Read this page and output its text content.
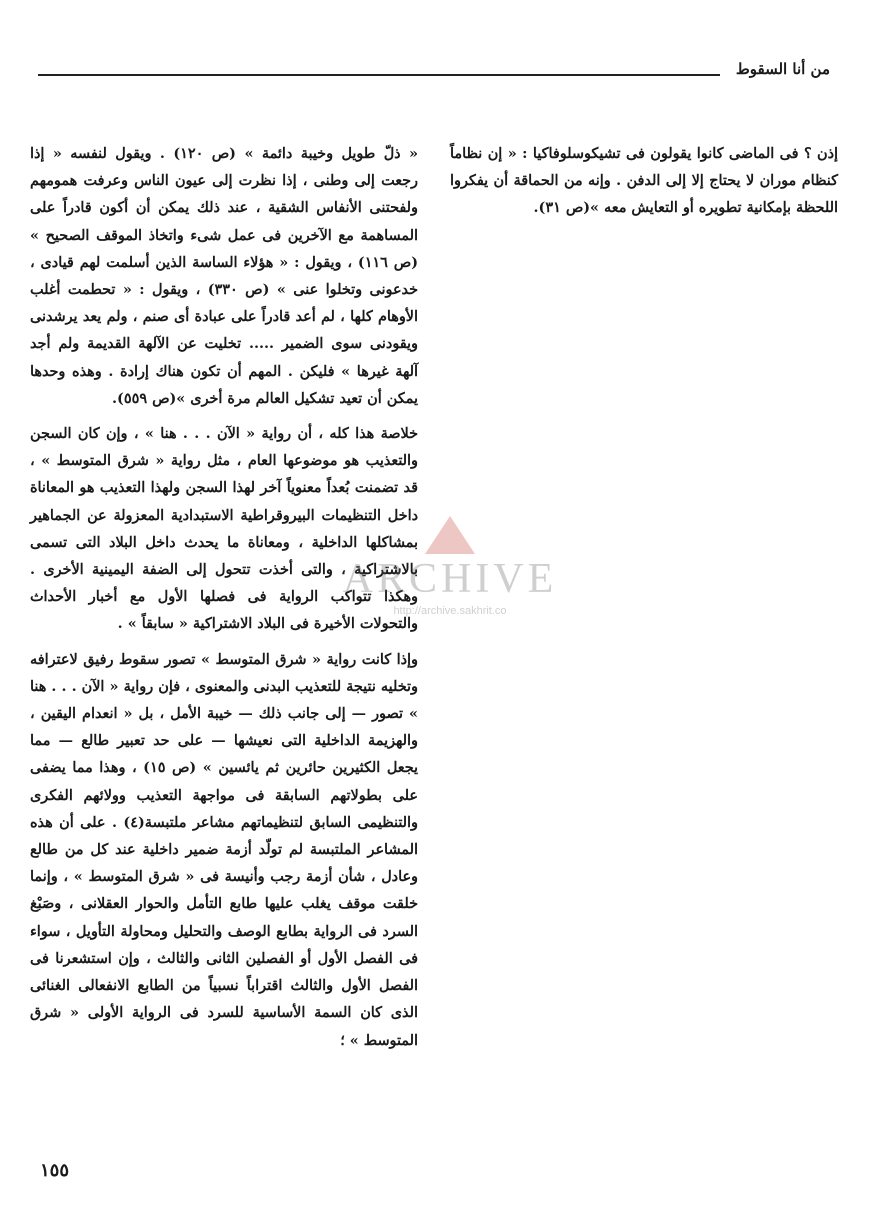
من أنا السقوط

إذن ؟ فى الماضى كانوا يقولون فى تشيكوسلوفاكيا : « إن نظاماً كنظام موران لا يحتاج إلا إلى الدفن . وإنه من الحماقة أن يفكروا اللحظة بإمكانية تطويره أو التعايش معه »(ص ٣١).

« ذلّ طويل وخيبة دائمة » (ص ١٢٠) . ويقول لنفسه « إذا رجعت إلى وطنى ، إذا نظرت إلى عيون الناس وعرفت همومهم ولفحتنى الأنفاس الشقية ، عند ذلك يمكن أن أكون قادراً على المساهمة مع الآخرين فى عمل شىء واتخاذ الموقف الصحيح » (ص ١١٦) ، ويقول : « هؤلاء الساسة الذين أسلمت لهم قيادى ، خدعونى وتخلوا عنى » (ص ٣٣٠) ، ويقول : « تحطمت أغلب الأوهام كلها ، لم أعد قادراً على عبادة أى صنم ، ولم يعد يرشدنى ويقودنى سوى الضمير ..... تخليت عن الآلهة القديمة ولم أجد آلهة غيرها » فليكن . المهم أن تكون هناك إرادة . وهذه وحدها يمكن أن تعيد تشكيل العالم مرة أخرى »(ص ٥٥٩).

خلاصة هذا كله ، أن رواية « الآن . . . هنا » ، وإن كان السجن والتعذيب هو موضوعها العام ، مثل رواية « شرق المتوسط » ، قد تضمنت بُعداً معنوياً آخر لهذا السجن ولهذا التعذيب هو المعاناة داخل التنظيمات البيروقراطية الاستبدادية المعزولة عن الجماهير بمشاكلها الداخلية ، ومعاناة ما يحدث داخل البلاد التى تسمى بالاشتراكية ، والتى أخذت تتحول إلى الضفة اليمينية الأخرى . وهكذا تتواكب الرواية فى فصلها الأول مع أخبار الأحداث والتحولات الأخيرة فى البلاد الاشتراكية « سابقاً » .

وإذا كانت رواية « شرق المتوسط » تصور سقوط رفيق لاعترافه وتخليه نتيجة للتعذيب البدنى والمعنوى ، فإن رواية « الآن . . . هنا » تصور — إلى جانب ذلك — خيبة الأمل ، بل « انعدام اليقين ، والهزيمة الداخلية التى نعيشها — على حد تعبير طالع — مما يجعل الكثيرين حائرين ثم يائسين » (ص ١٥) ، وهذا مما يضفى على بطولاتهم السابقة فى مواجهة التعذيب وولائهم الفكرى والتنظيمى السابق لتنظيماتهم مشاعر ملتبسة(٤) . على أن هذه المشاعر الملتبسة لم تولّد أزمة ضمير داخلية عند كل من طالع وعادل ، شأن أزمة رجب وأنيسة فى « شرق المتوسط » ، وإنما خلقت موقف يغلب عليها طابع التأمل والحوار العقلانى ، وصَبْغ السرد فى الرواية بطابع الوصف والتحليل ومحاولة التأويل ، سواء فى الفصل الأول أو الفصلين الثانى والثالث ، وإن استشعرنا فى الفصل الأول والثالث اقتراباً نسبياً من الطابع الانفعالى الغنائى الذى كان السمة الأساسية للسرد فى الرواية الأولى « شرق المتوسط » ؛

ARCHIVE
http://archive.sakhrit.co
١٥٥
